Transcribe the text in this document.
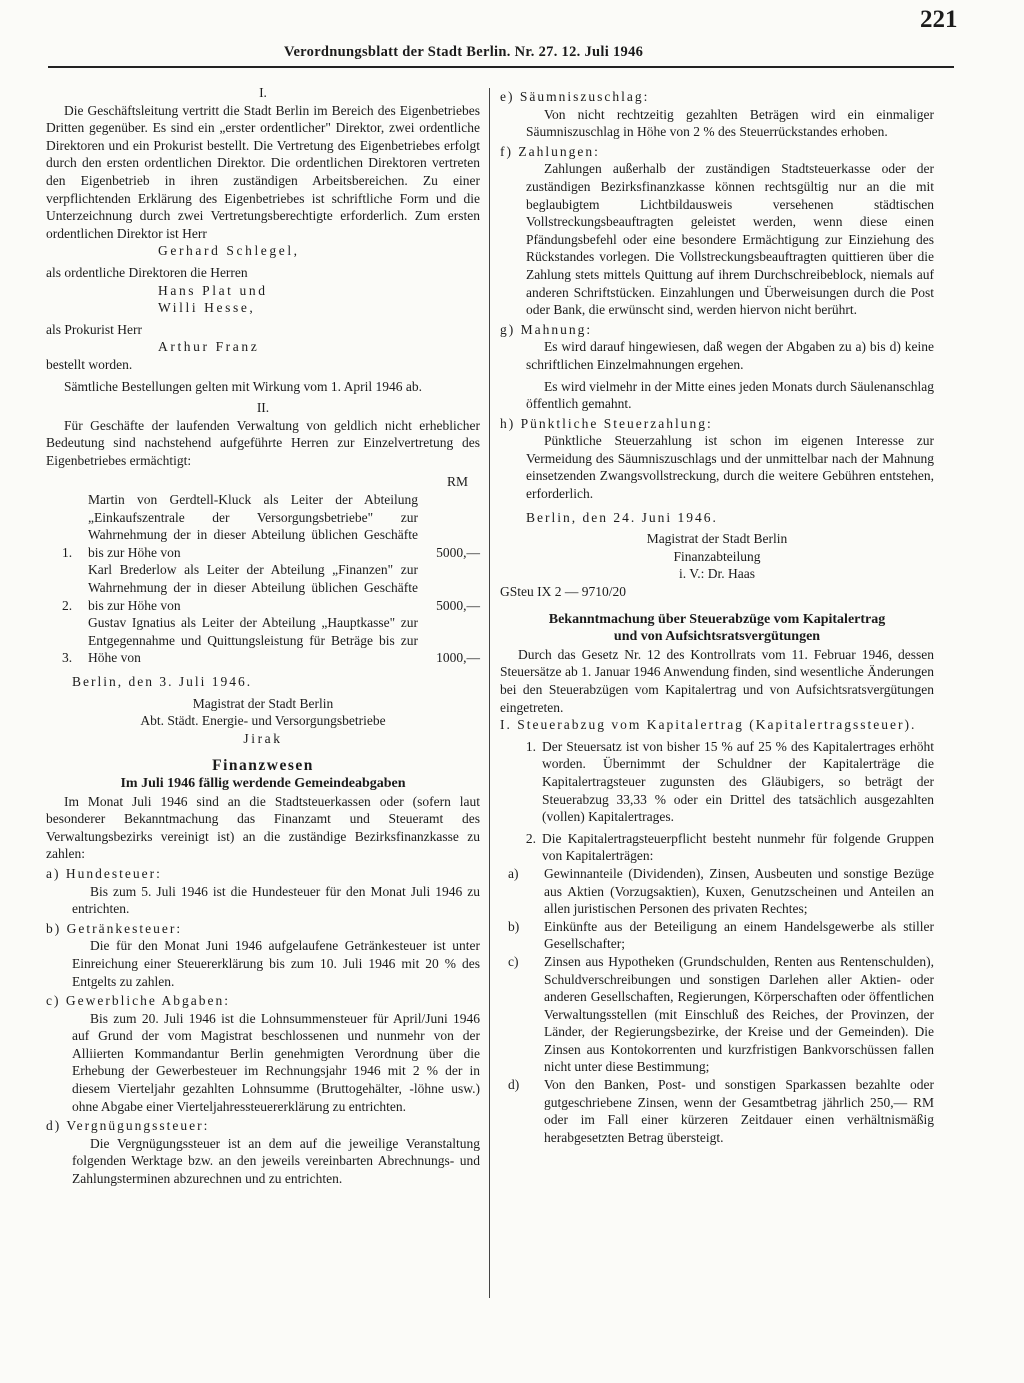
Verordnungsblatt der Stadt Berlin. Nr. 27. 12. Juli 1946
221

I.

Die Geschäftsleitung vertritt die Stadt Berlin im Bereich des Eigenbetriebes Dritten gegenüber. Es sind ein „erster ordentlicher" Direktor, zwei ordentliche Direktoren und ein Prokurist bestellt. Die Vertretung des Eigenbetriebes erfolgt durch den ersten ordentlichen Direktor. Die ordentlichen Direktoren vertreten den Eigenbetrieb in ihren zuständigen Arbeitsbereichen. Zu einer verpflichtenden Erklärung des Eigenbetriebes ist schriftliche Form und die Unterzeichnung durch zwei Vertretungsberechtigte erforderlich. Zum ersten ordentlichen Direktor ist Herr

Gerhard Schlegel,

als ordentliche Direktoren die Herren

Hans Plat und

Willi Hesse,

als Prokurist Herr

Arthur Franz

bestellt worden.

Sämtliche Bestellungen gelten mit Wirkung vom 1. April 1946 ab.

II.

Für Geschäfte der laufenden Verwaltung von geldlich nicht erheblicher Bedeutung sind nachstehend aufgeführte Herren zur Einzelvertretung des Eigenbetriebes ermächtigt:

RM

1.
Martin von Gerdtell-Kluck als Leiter der Abteilung „Einkaufszentrale der Versorgungsbetriebe" zur Wahrnehmung der in dieser Abteilung üblichen Geschäfte bis zur Höhe von	5000,—
2.
Karl Brederlow als Leiter der Abteilung „Finanzen" zur Wahrnehmung der in dieser Abteilung üblichen Geschäfte bis zur Höhe von	5000,—
3.
Gustav Ignatius als Leiter der Abteilung „Hauptkasse" zur Entgegennahme und Quittungsleistung für Beträge bis zur Höhe von	1000,—

Berlin, den 3. Juli 1946.

Magistrat der Stadt Berlin

Abt. Städt. Energie- und Versorgungsbetriebe

Jirak

Finanzwesen

Im Juli 1946 fällig werdende Gemeindeabgaben

Im Monat Juli 1946 sind an die Stadtsteuerkassen oder (sofern laut besonderer Bekanntmachung das Finanzamt und Steueramt des Verwaltungsbezirks vereinigt ist) an die zuständige Bezirksfinanzkasse zu zahlen:

a) Hundesteuer:

Bis zum 5. Juli 1946 ist die Hundesteuer für den Monat Juli 1946 zu entrichten.

b) Getränkesteuer:

Die für den Monat Juni 1946 aufgelaufene Getränkesteuer ist unter Einreichung einer Steuererklärung bis zum 10. Juli 1946 mit 20 % des Entgelts zu zahlen.

c) Gewerbliche Abgaben:

Bis zum 20. Juli 1946 ist die Lohnsummensteuer für April/Juni 1946 auf Grund der vom Magistrat beschlossenen und nunmehr von der Alliierten Kommandantur Berlin genehmigten Verordnung über die Erhebung der Gewerbesteuer im Rechnungsjahr 1946 mit 2 % der in diesem Vierteljahr gezahlten Lohnsumme (Bruttogehälter, -löhne usw.) ohne Abgabe einer Vierteljahressteuererklärung zu entrichten.

d) Vergnügungssteuer:

Die Vergnügungssteuer ist an dem auf die jeweilige Veranstaltung folgenden Werktage bzw. an den jeweils vereinbarten Abrechnungs- und Zahlungsterminen abzurechnen und zu entrichten.

e) Säumniszuschlag:

Von nicht rechtzeitig gezahlten Beträgen wird ein einmaliger Säumniszuschlag in Höhe von 2 % des Steuerrückstandes erhoben.

f) Zahlungen:

Zahlungen außerhalb der zuständigen Stadtsteuerkasse oder der zuständigen Bezirksfinanzkasse können rechtsgültig nur an die mit beglaubigtem Lichtbildausweis versehenen städtischen Vollstreckungsbeauftragten geleistet werden, wenn diese einen Pfändungsbefehl oder eine besondere Ermächtigung zur Einziehung des Rückstandes vorlegen. Die Vollstreckungsbeauftragten quittieren über die Zahlung stets mittels Quittung auf ihrem Durchschreibeblock, niemals auf anderen Schriftstücken. Einzahlungen und Überweisungen durch die Post oder Bank, die erwünscht sind, werden hiervon nicht berührt.

g) Mahnung:

Es wird darauf hingewiesen, daß wegen der Abgaben zu a) bis d) keine schriftlichen Einzelmahnungen ergehen.

Es wird vielmehr in der Mitte eines jeden Monats durch Säulenanschlag öffentlich gemahnt.

h) Pünktliche Steuerzahlung:

Pünktliche Steuerzahlung ist schon im eigenen Interesse zur Vermeidung des Säumniszuschlags und der unmittelbar nach der Mahnung einsetzenden Zwangsvollstreckung, durch die weitere Gebühren entstehen, erforderlich.

Berlin, den 24. Juni 1946.

Magistrat der Stadt Berlin

Finanzabteilung

i. V.: Dr. Haas

GSteu IX 2 — 9710/20

Bekanntmachung über Steuerabzüge vom Kapitalertrag

und von Aufsichtsratsvergütungen

Durch das Gesetz Nr. 12 des Kontrollrats vom 11. Februar 1946, dessen Steuersätze ab 1. Januar 1946 Anwendung finden, sind wesentliche Änderungen bei den Steuerabzügen vom Kapitalertrag und von Aufsichtsratsvergütungen eingetreten.

I. Steuerabzug vom Kapitalertrag (Kapitalertragssteuer).

1. Der Steuersatz ist von bisher 15 % auf 25 % des Kapitalertrages erhöht worden. Übernimmt der Schuldner der Kapitalerträge die Kapitalertragsteuer zugunsten des Gläubigers, so beträgt der Steuerabzug 33,33 % oder ein Drittel des tatsächlich ausgezahlten (vollen) Kapitalertrages.
2. Die Kapitalertragsteuerpflicht besteht nunmehr für folgende Gruppen von Kapitalerträgen:
a)	Gewinnanteile (Dividenden), Zinsen, Ausbeuten und sonstige Bezüge aus Aktien (Vorzugsaktien), Kuxen, Genutzscheinen und Anteilen an allen juristischen Personen des privaten Rechtes;
b)	Einkünfte aus der Beteiligung an einem Handelsgewerbe als stiller Gesellschafter;
c)	Zinsen aus Hypotheken (Grundschulden, Renten aus Rentenschulden), Schuldverschreibungen und sonstigen Darlehen aller Aktien- oder anderen Gesellschaften, Regierungen, Körperschaften oder öffentlichen Verwaltungsstellen (mit Einschluß des Reiches, der Provinzen, der Länder, der Regierungsbezirke, der Kreise und der Gemeinden). Die Zinsen aus Kontokorrenten und kurzfristigen Bankvorschüssen fallen nicht unter diese Bestimmung;
d)	Von den Banken, Post- und sonstigen Sparkassen bezahlte oder gutgeschriebene Zinsen, wenn der Gesamtbetrag jährlich 250,— RM oder im Fall einer kürzeren Zeitdauer einen verhältnismäßig herabgesetzten Betrag übersteigt.
